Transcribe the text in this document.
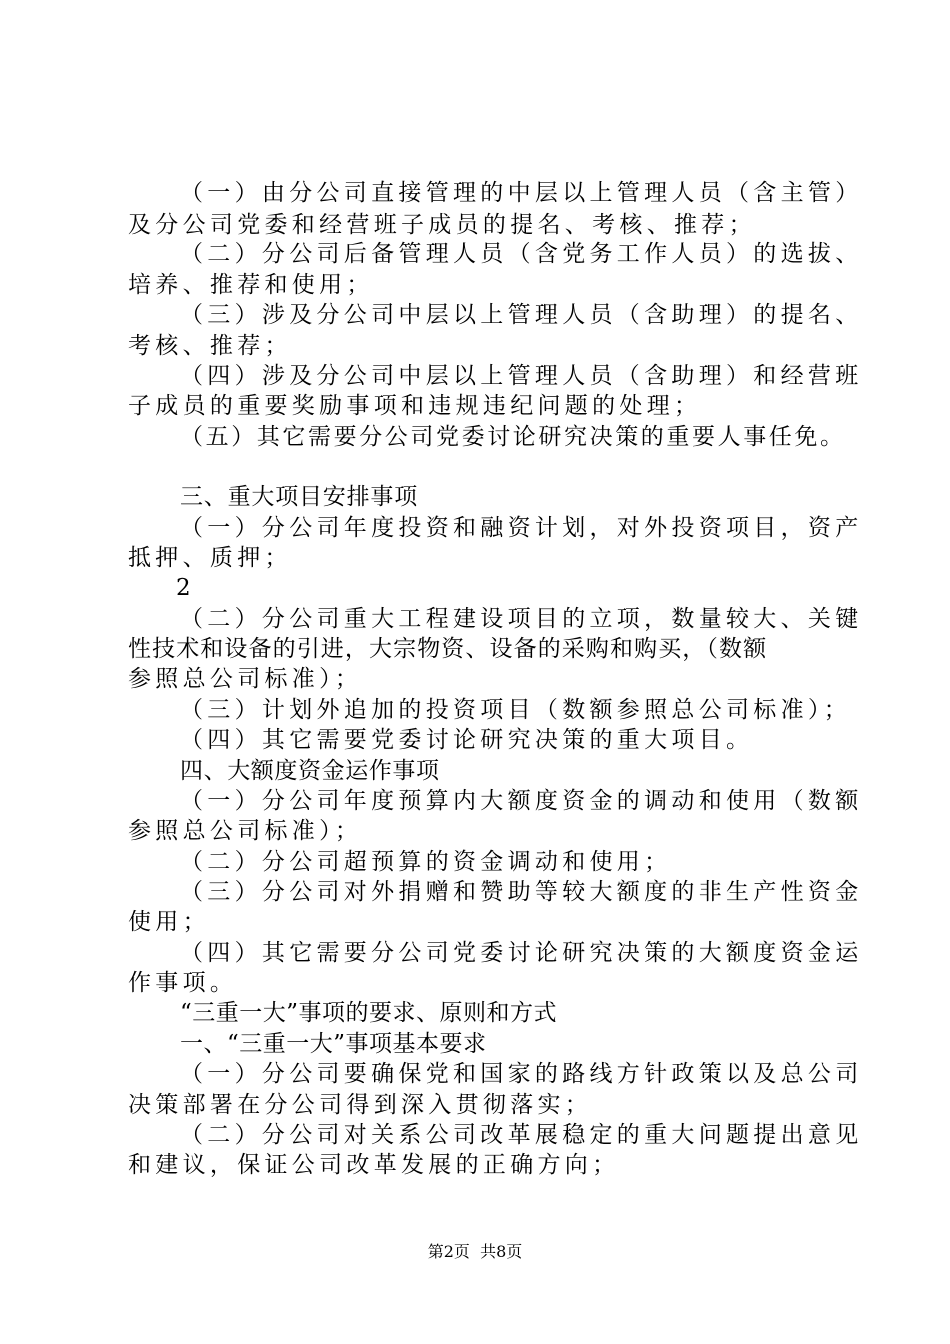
（一）由分公司直接管理的中层以上管理人员（含主管）
及分公司党委和经营班子成员的提名、考核、推荐；
（二）分公司后备管理人员（含党务工作人员）的选拔、
培养、推荐和使用；
（三）涉及分公司中层以上管理人员（含助理）的提名、
考核、推荐；
（四）涉及分公司中层以上管理人员（含助理）和经营班
子成员的重要奖励事项和违规违纪问题的处理；
（五）其它需要分公司党委讨论研究决策的重要人事任免。
三、重大项目安排事项
（一）分公司年度投资和融资计划，对外投资项目，资产
抵押、质押；
2
（二）分公司重大工程建设项目的立项，数量较大、关键
性技术和设备的引进，大宗物资、设备的采购和购买，（数额
参照总公司标准）；
（三）计划外追加的投资项目（数额参照总公司标准）；
（四）其它需要党委讨论研究决策的重大项目。
四、大额度资金运作事项
（一）分公司年度预算内大额度资金的调动和使用（数额
参照总公司标准）；
（二）分公司超预算的资金调动和使用；
（三）分公司对外捐赠和赞助等较大额度的非生产性资金
使用；
（四）其它需要分公司党委讨论研究决策的大额度资金运
作事项。
“三重一大”事项的要求、原则和方式
一、“三重一大”事项基本要求
（一）分公司要确保党和国家的路线方针政策以及总公司
决策部署在分公司得到深入贯彻落实；
（二）分公司对关系公司改革展稳定的重大问题提出意见
和建议，保证公司改革发展的正确方向；
第2页  共8页
